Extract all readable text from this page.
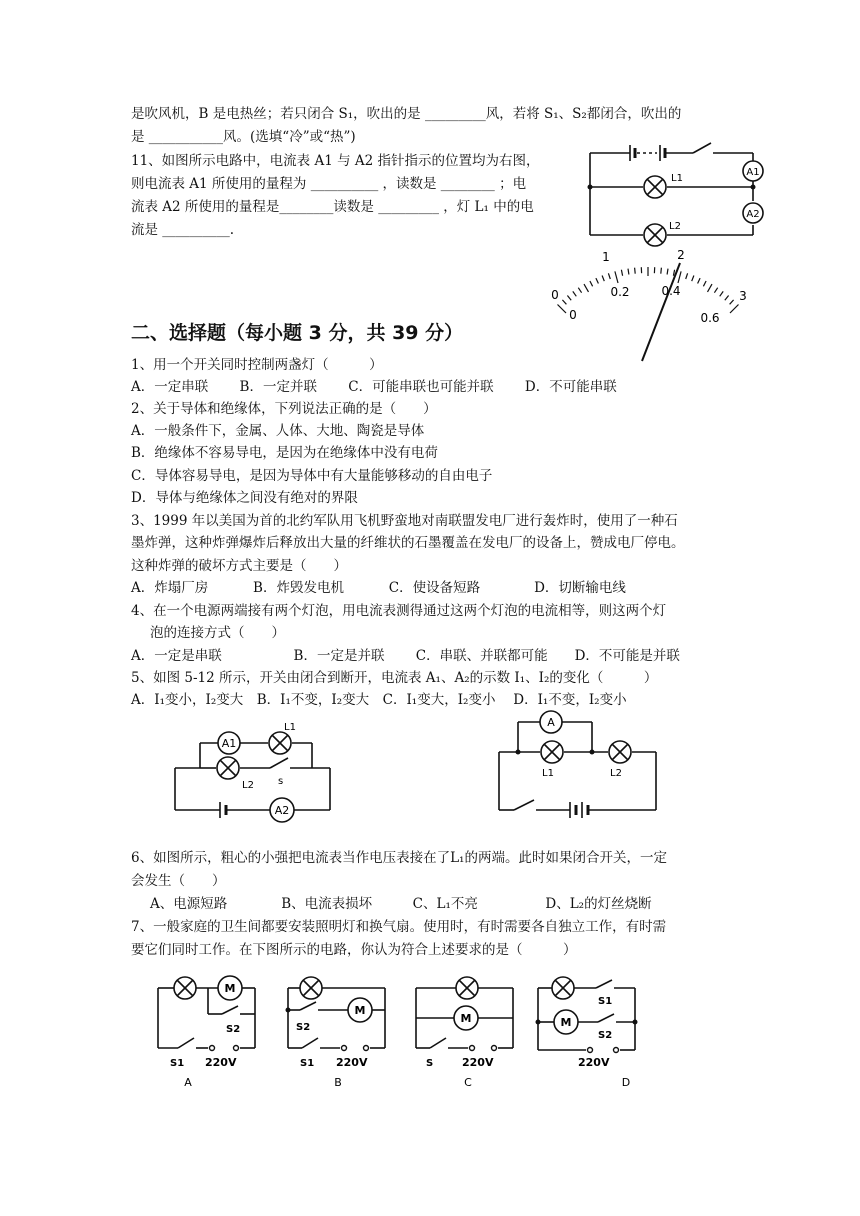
是吹风机，B 是电热丝；若只闭合 S₁，吹出的是 _________风，若将 S₁、S₂都闭合，吹出的
是 ___________风。(选填“冷”或“热”)
11、如图所示电路中，电流表 A1 与 A2 指针指示的位置均为右图，
则电流表 A1 所使用的量程为 __________ ，读数是 ________ ；电
流表 A2 所使用的量程是________读数是 _________ ，灯 L₁ 中的电
流是 __________.
A1
A2
L1
L2
1	2
0	3
0
0.2	0.4
0.6
二、选择题（每小题 3 分，共 39 分）
1、用一个开关同时控制两盏灯（　　　）
A．一定串联　　 B．一定并联　　 C．可能串联也可能并联　　 D．不可能串联
2、关于导体和绝缘体，下列说法正确的是（　　）
A．一般条件下，金属、人体、大地、陶瓷是导体
B．绝缘体不容易导电，是因为在绝缘体中没有电荷
C．导体容易导电，是因为导体中有大量能够移动的自由电子
D．导体与绝缘体之间没有绝对的界限
3、1999 年以美国为首的北约军队用飞机野蛮地对南联盟发电厂进行轰炸时，使用了一种石
墨炸弹，这种炸弹爆炸后释放出大量的纤维状的石墨覆盖在发电厂的设备上，赞成电厂停电。
这种炸弹的破坏方式主要是（　　）
A．炸塌厂房　　　 B．炸毁发电机　　　 C．使设备短路　　　　D．切断输电线
4、在一个电源两端接有两个灯泡，用电流表测得通过这两个灯泡的电流相等，则这两个灯
泡的连接方式（　　）
A．一定是串联　　　　　 B．一定是并联　　 C．串联、并联都可能　　D．不可能是并联
5、如图 5-12 所示，开关由闭合到断开，电流表 A₁、A₂的示数 I₁、I₂的变化（　　　）
A．I₁变小，I₂变大　B．I₁不变，I₂变大　C．I₁变大，I₂变小　 D．I₁不变，I₂变小
A1
A2
L1
L2 s
A
L1	L2
6、如图所示，粗心的小强把电流表当作电压表接在了L₁的两端。此时如果闭合开关，一定
会发生（　　）
A、电源短路　　　　B、电流表损坏　　　C、L₁不亮　　　　　D、L₂的灯丝烧断
7、一般家庭的卫生间都要安装照明灯和换气扇。使用时，有时需要各自独立工作，有时需
要它们同时工作。在下图所示的电路，你认为符合上述要求的是（　　　）
M
S2
S1 220V
A
M
S2
S1 220V
B
M
S	220V
C
M
S1
S2
220V
D
